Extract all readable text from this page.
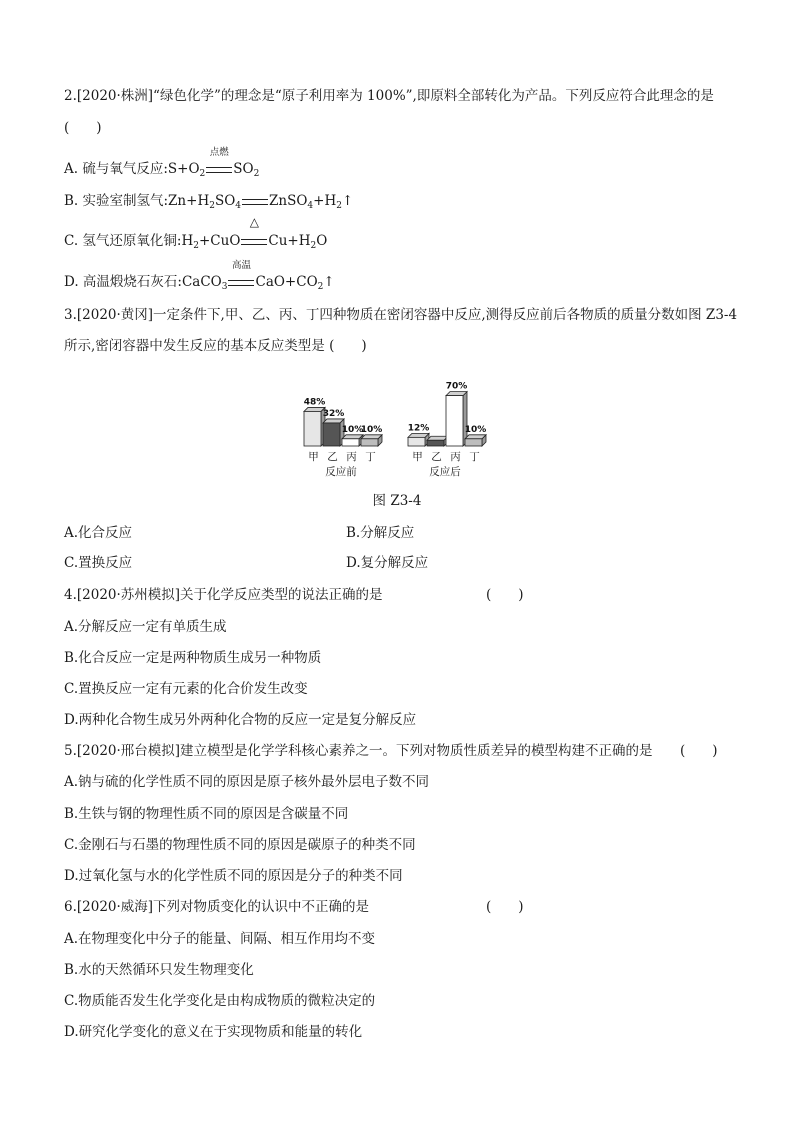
2.[2020·株洲]“绿色化学”的理念是“原子利用率为 100%”,即原料全部转化为产品。下列反应符合此理念的是
(　　)
A. 硫与氧气反应$:S+O_2$
点燃
$SO_2$
B. 实验室制氢气$:Zn+H_2SO_4$ $ZnSO_4+H_2↑$
C. 氢气还原氧化铜$:H_2+CuO$
△
$Cu+H_2O$
D. 高温煅烧石灰石:CaCO$_3$
高温
$CaO+CO_2↑$
3.[2020·黄冈]一定条件下,甲、乙、丙、丁四种物质在密闭容器中反应,测得反应前后各物质的质量分数如图 Z3-4
所示,密闭容器中发生反应的基本反应类型是 (　　)
48%
甲
32%
乙
10%
丙
10%
丁
反应前
12%
甲 乙
70%
丙
10%
丁
反应后
图 Z3-4
A.化合反应	B.分解反应
C.置换反应	D.复分解反应
4.[2020·苏州模拟]关于化学反应类型的说法正确的是	(　　)
A.分解反应一定有单质生成
B.化合反应一定是两种物质生成另一种物质
C.置换反应一定有元素的化合价发生改变
D.两种化合物生成另外两种化合物的反应一定是复分解反应
5.[2020·邢台模拟]建立模型是化学学科核心素养之一。下列对物质性质差异的模型构建不正确的是 (　　)
A.钠与硫的化学性质不同的原因是原子核外最外层电子数不同
B.生铁与钢的物理性质不同的原因是含碳量不同
C.金刚石与石墨的物理性质不同的原因是碳原子的种类不同
D.过氧化氢与水的化学性质不同的原因是分子的种类不同
6.[2020·威海]下列对物质变化的认识中不正确的是	(　　)
A.在物理变化中分子的能量、间隔、相互作用均不变
B.水的天然循环只发生物理变化
C.物质能否发生化学变化是由构成物质的微粒决定的
D.研究化学变化的意义在于实现物质和能量的转化
